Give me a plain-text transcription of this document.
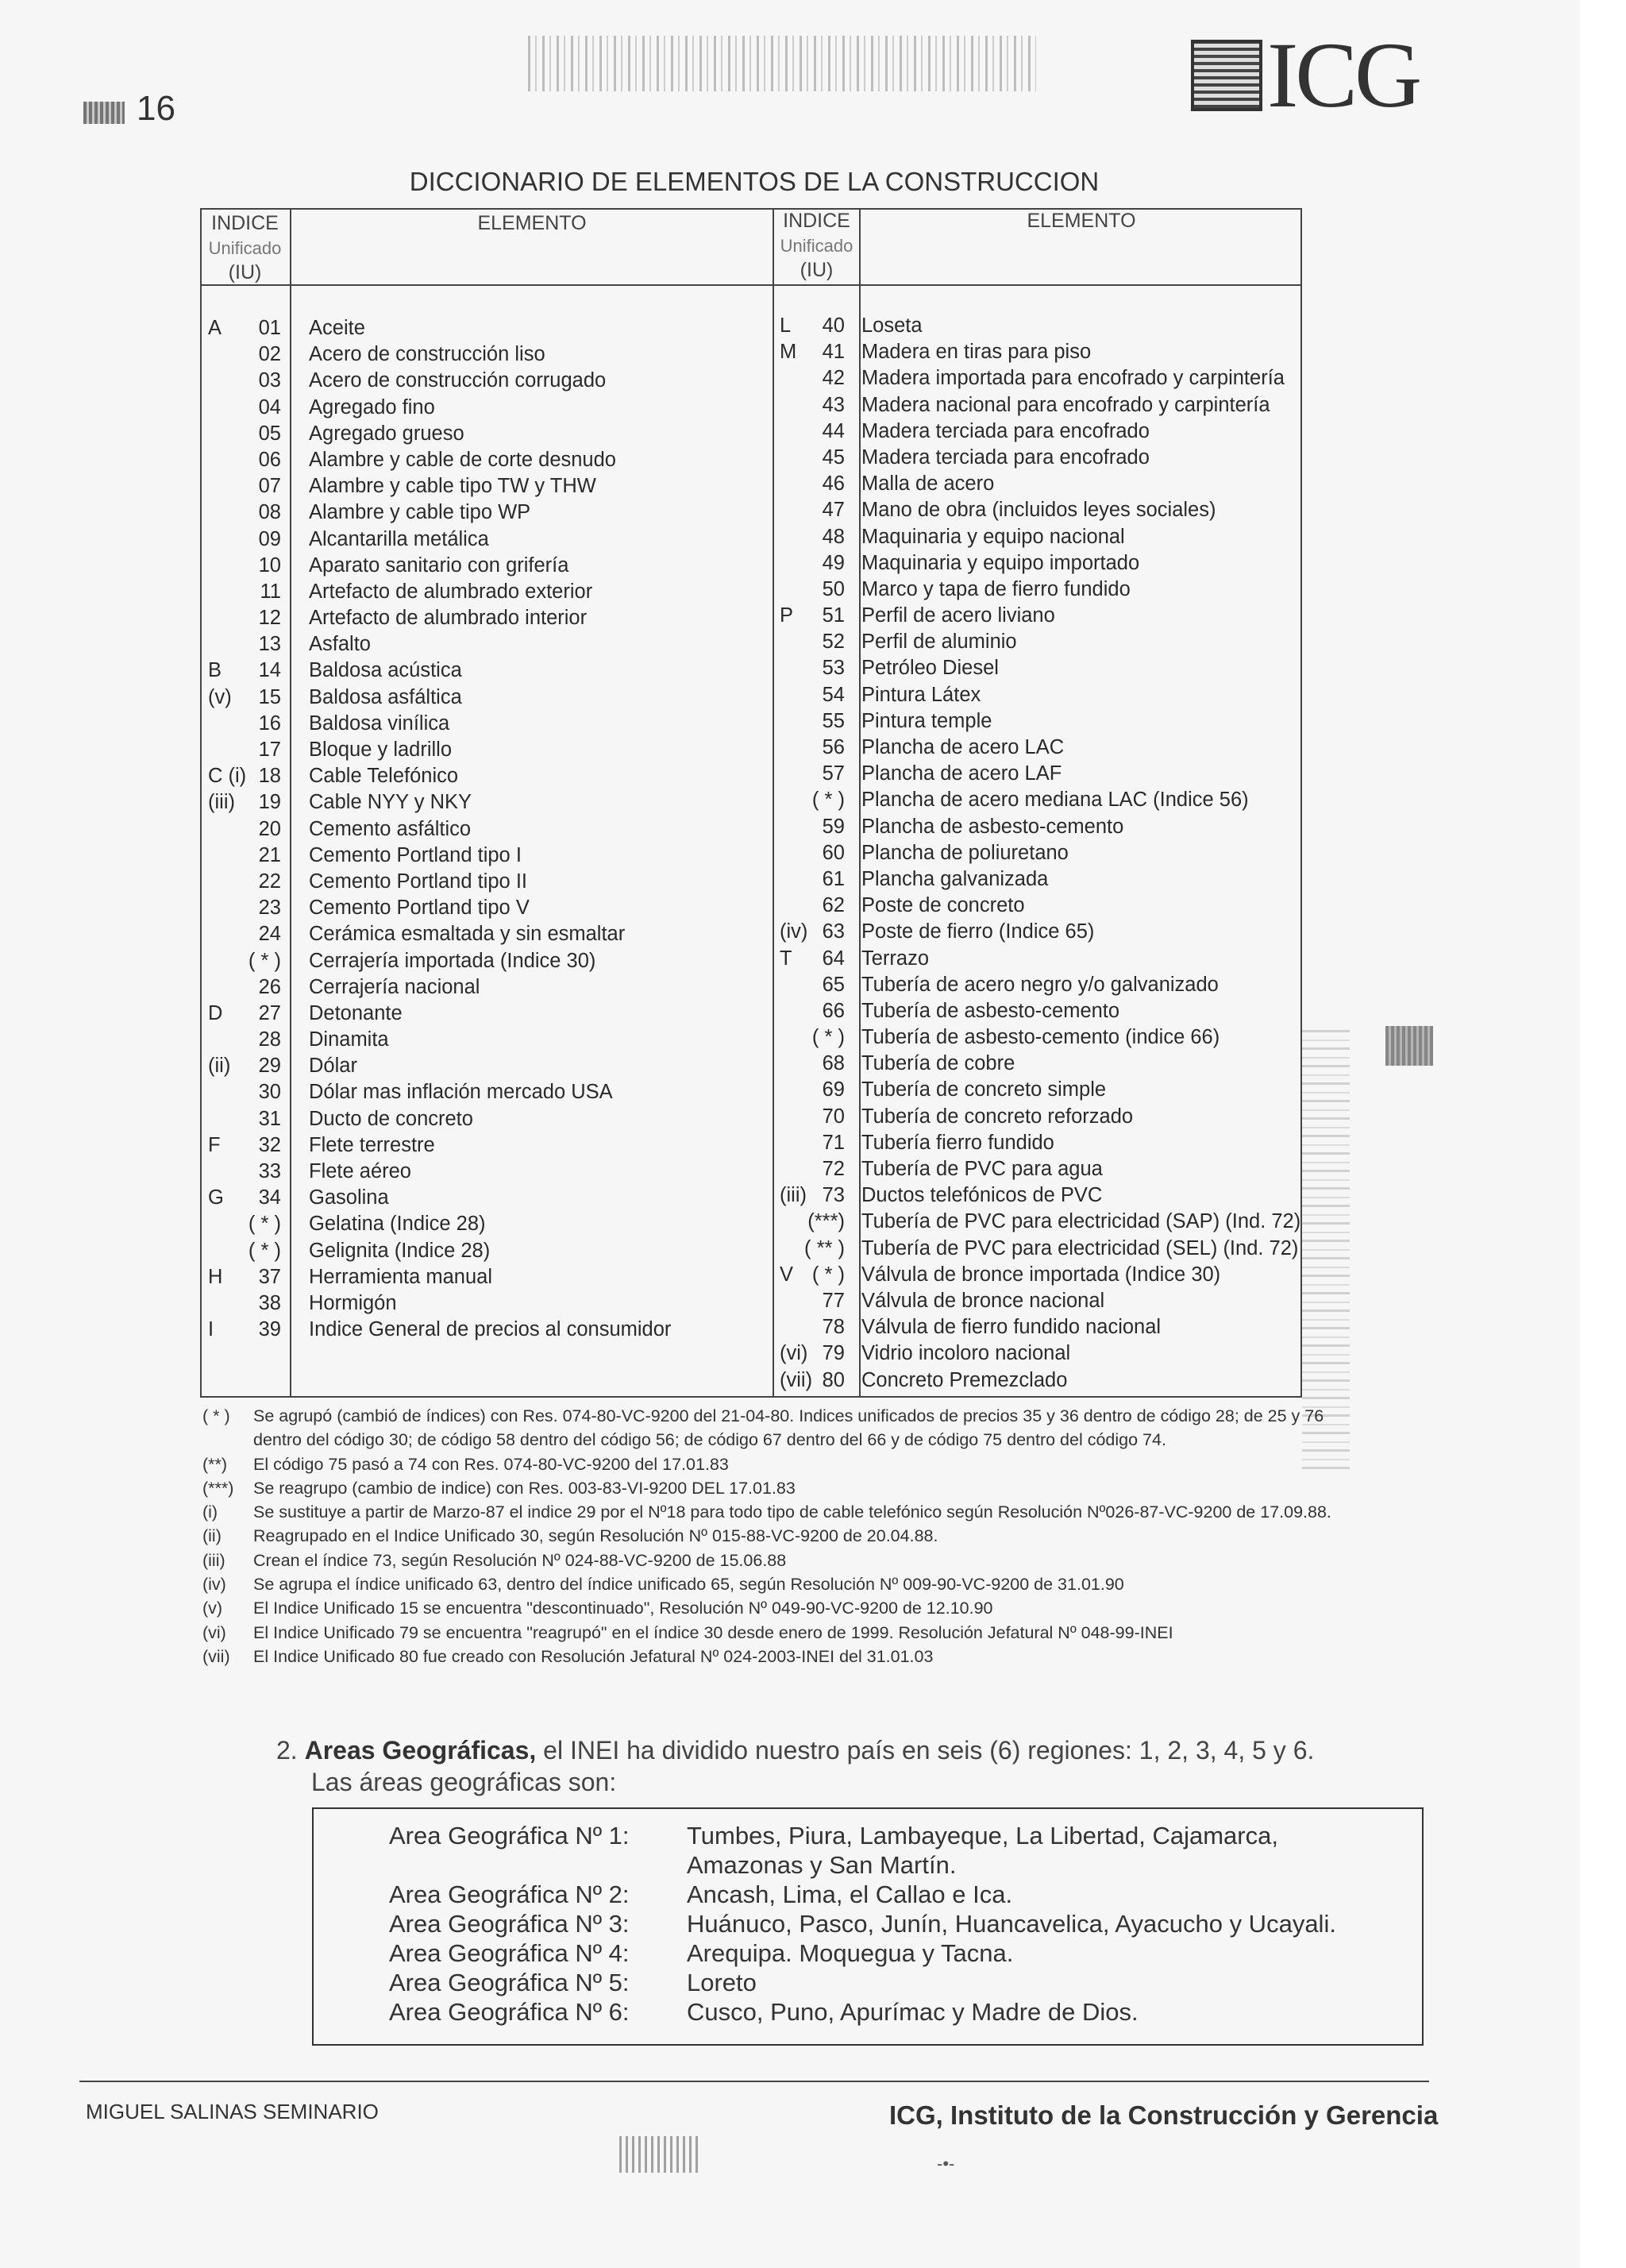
16	ICG
DICCIONARIO DE ELEMENTOS DE LA CONSTRUCCION
INDICE
Unificado
(IU)
ELEMENTO	INDICE
Unificado
(IU)
ELEMENTO
A	01 Aceite
02 Acero de construcción liso
03 Acero de construcción corrugado
04 Agregado fino
05 Agregado grueso
06 Alambre y cable de corte desnudo
07 Alambre y cable tipo TW y THW
08 Alambre y cable tipo WP
09 Alcantarilla metálica
10 Aparato sanitario con grifería
11 Artefacto de alumbrado exterior
12 Artefacto de alumbrado interior
13 Asfalto
B	14 Baldosa acústica
(v)	15 Baldosa asfáltica
16 Baldosa vinílica
17 Bloque y ladrillo
C (i) 18 Cable Telefónico
(iii)	19 Cable NYY y NKY
20 Cemento asfáltico
21 Cemento Portland tipo I
22 Cemento Portland tipo II
23 Cemento Portland tipo V
24 Cerámica esmaltada y sin esmaltar
( * ) Cerrajería importada (Indice 30)
26 Cerrajería nacional
D	27 Detonante
28 Dinamita
(ii)	29 Dólar
30 Dólar mas inflación mercado USA
31 Ducto de concreto
F	32 Flete terrestre
33 Flete aéreo
G	34 Gasolina
( * ) Gelatina (Indice 28)
( * ) Gelignita (Indice 28)
H	37 Herramienta manual
38 Hormigón
I	39 Indice General de precios al consumidor
L	40 Loseta
M	41 Madera en tiras para piso
42 Madera importada para encofrado y carpintería
43 Madera nacional para encofrado y carpintería
44 Madera terciada para encofrado
45 Madera terciada para encofrado
46 Malla de acero
47 Mano de obra (incluidos leyes sociales)
48 Maquinaria y equipo nacional
49 Maquinaria y equipo importado
50 Marco y tapa de fierro fundido
P	51 Perfil de acero liviano
52 Perfil de aluminio
53 Petróleo Diesel
54 Pintura Látex
55 Pintura temple
56 Plancha de acero LAC
57 Plancha de acero LAF
( * ) Plancha de acero mediana LAC (Indice 56)
59 Plancha de asbesto-cemento
60 Plancha de poliuretano
61 Plancha galvanizada
62 Poste de concreto
(iv) 63 Poste de fierro (Indice 65)
T	64 Terrazo
65 Tubería de acero negro y/o galvanizado
66 Tubería de asbesto-cemento
( * ) Tubería de asbesto-cemento (indice 66)
68 Tubería de cobre
69 Tubería de concreto simple
70 Tubería de concreto reforzado
71 Tubería fierro fundido
72 Tubería de PVC para agua
(iii) 73 Ductos telefónicos de PVC
(***) Tubería de PVC para electricidad (SAP) (Ind. 72)
( ** ) Tubería de PVC para electricidad (SEL) (Ind. 72)
V ( * ) Válvula de bronce importada (Indice 30)
77 Válvula de bronce nacional
78 Válvula de fierro fundido nacional
(vi) 79 Vidrio incoloro nacional
(vii) 80 Concreto Premezclado
( * ) Se agrupó (cambió de índices) con Res. 074-80-VC-9200 del 21-04-80. Indices unificados de precios 35 y 36 dentro de código 28; de 25 y 76 dentro del código 30; de código 58 dentro del código 56; de código 67 dentro del 66 y de código 75 dentro del código 74.
(**) El código 75 pasó a 74 con Res. 074-80-VC-9200 del 17.01.83
(***) Se reagrupo (cambio de indice) con Res. 003-83-VI-9200 DEL 17.01.83
(i) Se sustituye a partir de Marzo-87 el indice 29 por el Nº18 para todo tipo de cable telefónico según Resolución Nº026-87-VC-9200 de 17.09.88.
(ii) Reagrupado en el Indice Unificado 30, según Resolución Nº 015-88-VC-9200 de 20.04.88.
(iii) Crean el índice 73, según Resolución Nº 024-88-VC-9200 de 15.06.88
(iv) Se agrupa el índice unificado 63, dentro del índice unificado 65, según Resolución Nº 009-90-VC-9200 de 31.01.90
(v) El Indice Unificado 15 se encuentra "descontinuado", Resolución Nº 049-90-VC-9200 de 12.10.90
(vi) El Indice Unificado 79 se encuentra "reagrupó" en el índice 30 desde enero de 1999. Resolución Jefatural Nº 048-99-INEI
(vii) El Indice Unificado 80 fue creado con Resolución Jefatural Nº 024-2003-INEI del 31.01.03
2. Areas Geográficas, el INEI ha dividido nuestro país en seis (6) regiones: 1, 2, 3, 4, 5 y 6.
Las áreas geográficas son:
Area Geográfica Nº 1: Tumbes, Piura, Lambayeque, La Libertad, Cajamarca,
Amazonas y San Martín.
Area Geográfica Nº 2: Ancash, Lima, el Callao e Ica.
Area Geográfica Nº 3: Huánuco, Pasco, Junín, Huancavelica, Ayacucho y Ucayali.
Area Geográfica Nº 4: Arequipa. Moquegua y Tacna.
Area Geográfica Nº 5: Loreto
Area Geográfica Nº 6: Cusco, Puno, Apurímac y Madre de Dios.
MIGUEL SALINAS SEMINARIO	ICG, Instituto de la Construcción y Gerencia
-•-
